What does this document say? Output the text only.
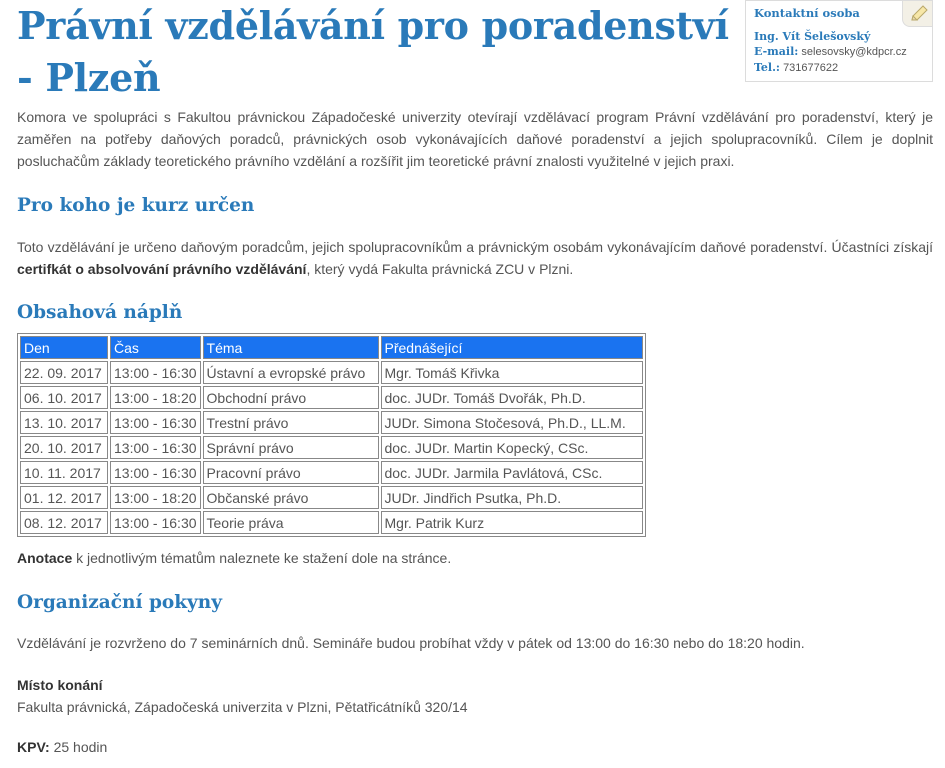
Právní vzdělávání pro poradenství - Plzeň
Kontaktní osoba
Ing. Vít Šelešovský
E-mail: selesovsky@kdpcr.cz
Tel.: 731677622

Komora ve spolupráci s Fakultou právnickou Západočeské univerzity otevírají vzdělávací program Právní vzdělávání pro poradenství, který je zaměřen na potřeby daňových poradců, právnických osob vykonávajících daňové poradenství a jejich spolupracovníků. Cílem je doplnit posluchačům základy teoretického právního vzdělání a rozšířit jim teoretické právní znalosti využitelné v jejich praxi.

Pro koho je kurz určen

Toto vzdělávání je určeno daňovým poradcům, jejich spolupracovníkům a právnickým osobám vykonávajícím daňové poradenství. Účastníci získají certifkát o absolvování právního vzdělávání, který vydá Fakulta právnická ZCU v Plzni.

Obsahová náplň
Den	Čas	Téma	Přednášející
22. 09. 2017	13:00 - 16:30	Ústavní a evropské právo	Mgr. Tomáš Křivka
06. 10. 2017	13:00 - 18:20	Obchodní právo	doc. JUDr. Tomáš Dvořák, Ph.D.
13. 10. 2017	13:00 - 16:30	Trestní právo	JUDr. Simona Stočesová, Ph.D., LL.M.
20. 10. 2017	13:00 - 16:30	Správní právo	doc. JUDr. Martin Kopecký, CSc.
10. 11. 2017	13:00 - 16:30	Pracovní právo	doc. JUDr. Jarmila Pavlátová, CSc.
01. 12. 2017	13:00 - 18:20	Občanské právo	JUDr. Jindřich Psutka, Ph.D.
08. 12. 2017	13:00 - 16:30	Teorie práva	Mgr. Patrik Kurz

Anotace k jednotlivým tématům naleznete ke stažení dole na stránce.

Organizační pokyny

Vzdělávání je rozvrženo do 7 seminárních dnů. Semináře budou probíhat vždy v pátek od 13:00 do 16:30 nebo do 18:20 hodin.

Místo konání

Fakulta právnická, Západočeská univerzita v Plzni, Pětatřicátníků 320/14

KPV: 25 hodin
